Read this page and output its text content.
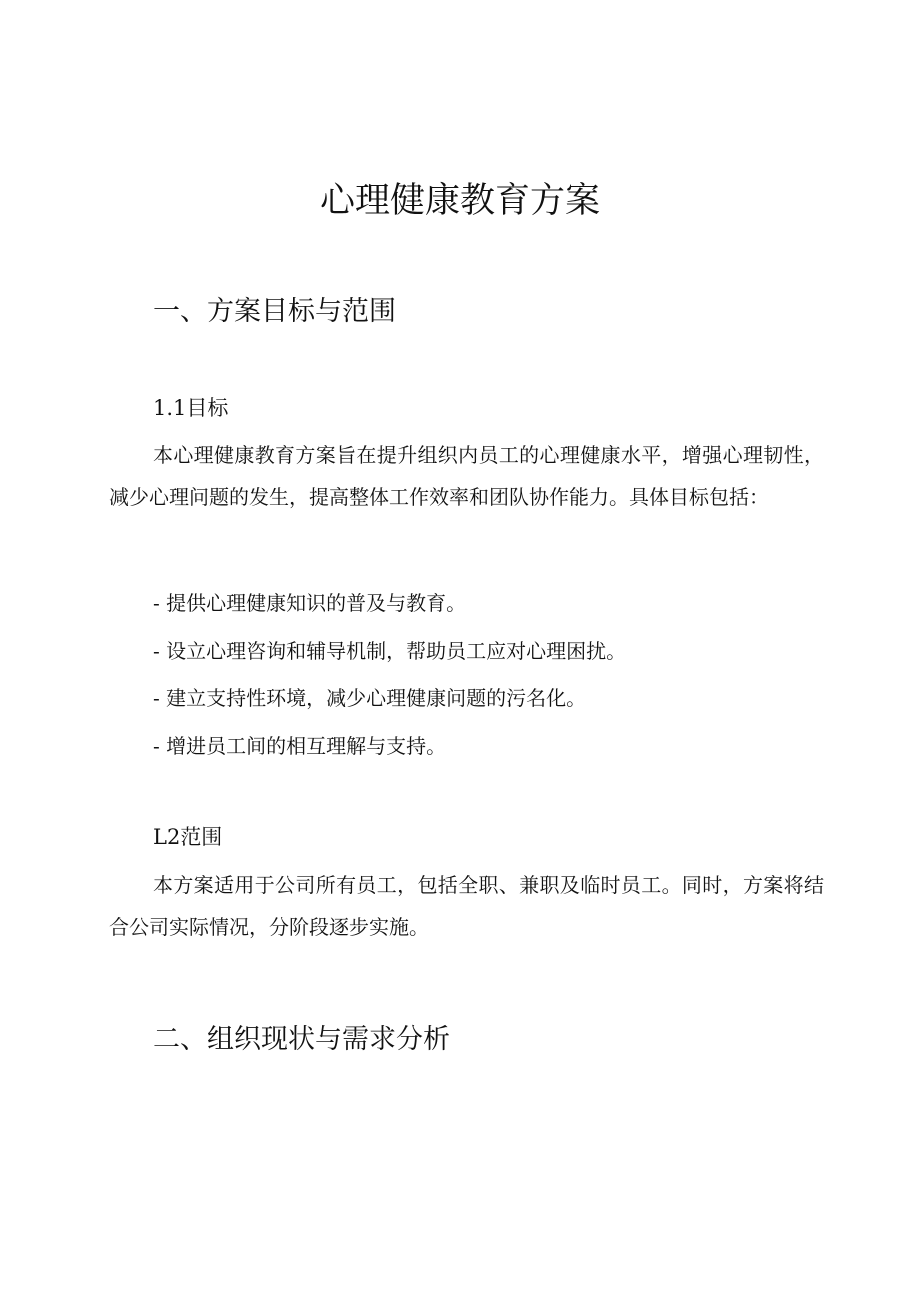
心理健康教育方案
一、方案目标与范围
1.1目标

本心理健康教育方案旨在提升组织内员工的心理健康水平，增强心理韧性，减少心理问题的发生，提高整体工作效率和团队协作能力。具体目标包括：

- 提供心理健康知识的普及与教育。
- 设立心理咨询和辅导机制，帮助员工应对心理困扰。
- 建立支持性环境，减少心理健康问题的污名化。
- 增进员工间的相互理解与支持。
L2范围

本方案适用于公司所有员工，包括全职、兼职及临时员工。同时，方案将结合公司实际情况，分阶段逐步实施。

二、组织现状与需求分析
